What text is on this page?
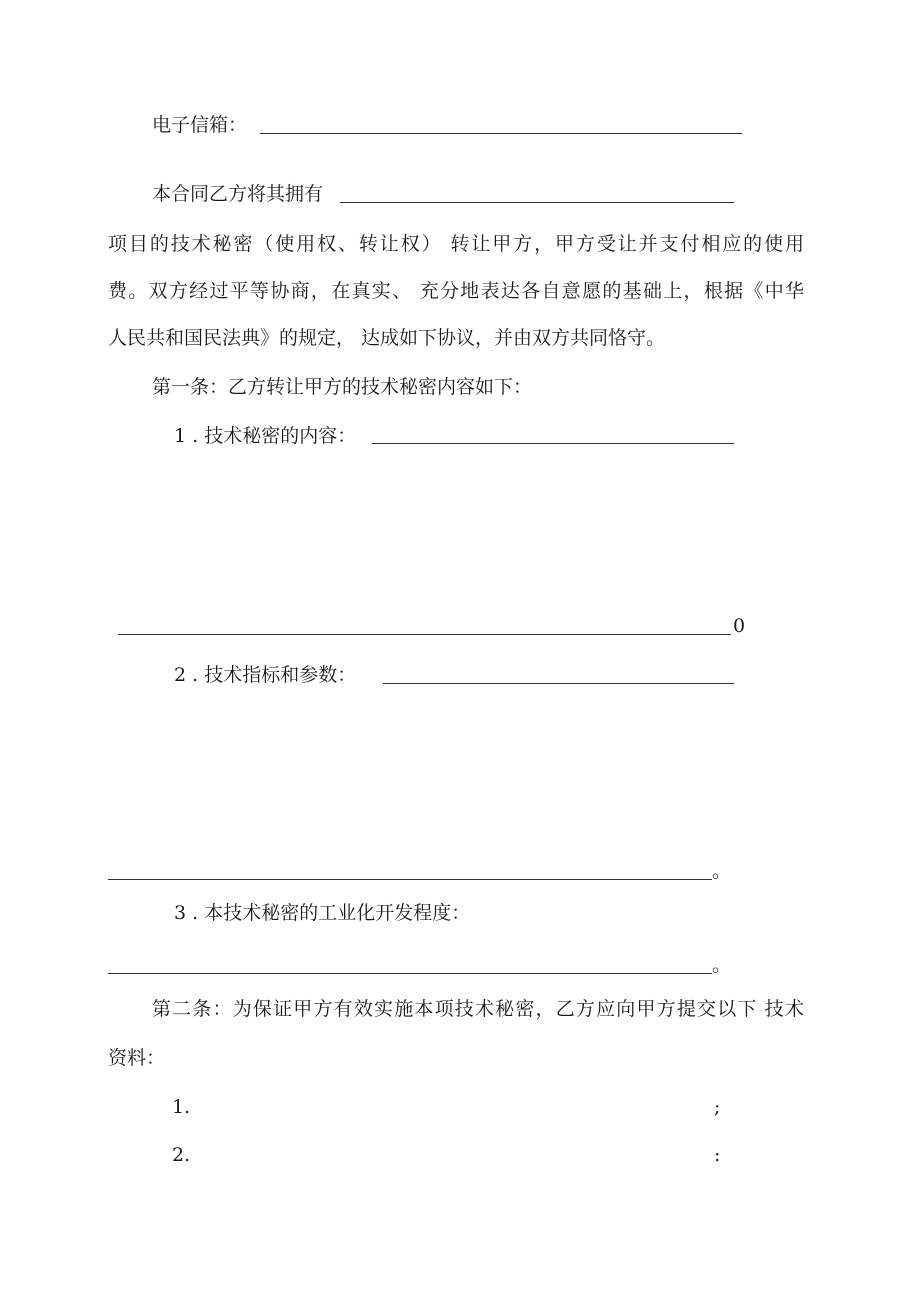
电子信箱：
本合同乙方将其拥有
项目的技术秘密（使用权、转让权） 转让甲方，甲方受让并支付相应的使用
费。双方经过平等协商，在真实、 充分地表达各自意愿的基础上，根据《中华
人民共和国民法典》的规定， 达成如下协议，并由双方共同恪守。
第一条：乙方转让甲方的技术秘密内容如下：
1 . 技术秘密的内容：
0
2 . 技术指标和参数：
。
3 . 本技术秘密的工业化开发程度：
。
第二条：为保证甲方有效实施本项技术秘密，乙方应向甲方提交以下 技术
资料：
1.	;
2.	:
